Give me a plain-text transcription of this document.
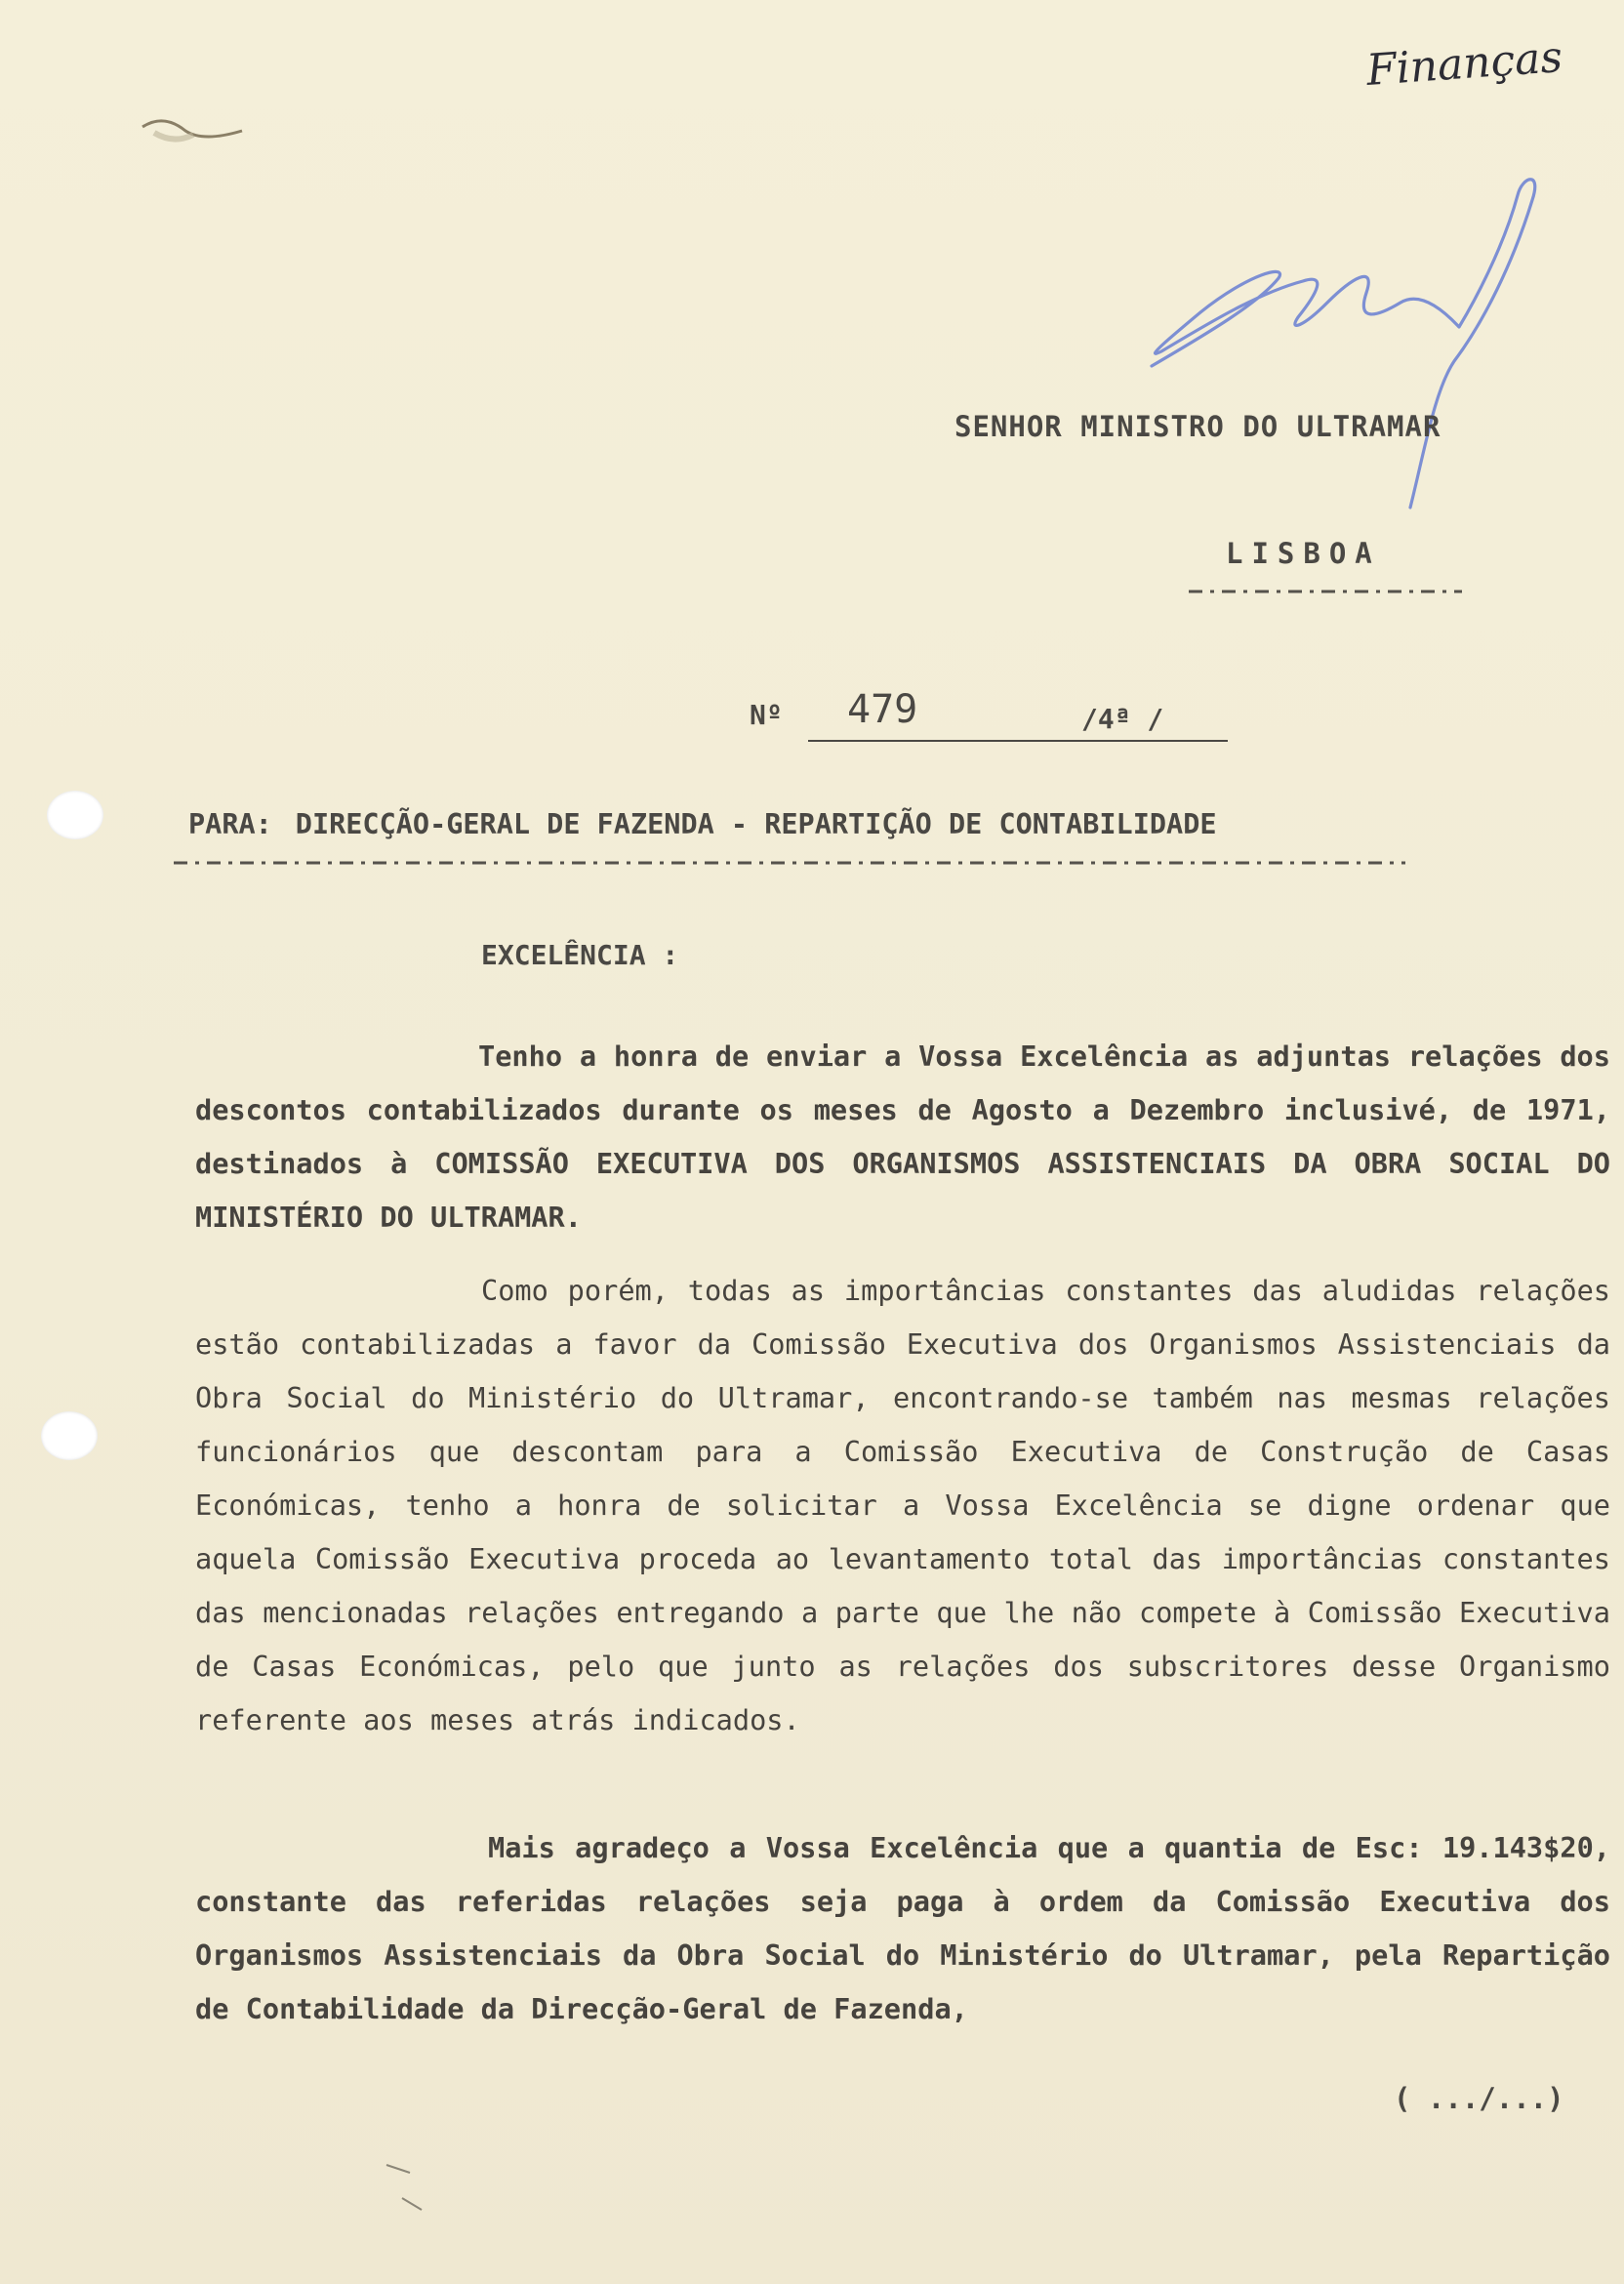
Finanças
SENHOR MINISTRO DO ULTRAMAR
LISBOA
Nº 479	/4ª /
PARA: DIRECÇÃO-GERAL DE FAZENDA - REPARTIÇÃO DE CONTABILIDADE
EXCELÊNCIA :

Tenho a honra de enviar a Vossa Excelência as adjuntas relações dos descontos contabilizados durante os meses de Agosto a Dezembro inclusivé, de 1971, destinados à COMISSÃO EXECUTIVA DOS ORGANISMOS ASSISTENCIAIS DA OBRA SOCIAL DO MINISTÉRIO DO ULTRAMAR.

Como porém, todas as importâncias constantes das aludidas relações estão contabilizadas a favor da Comissão Executiva dos Organismos Assistenciais da Obra Social do Ministério do Ultramar, encontrando-se também nas mesmas relações funcionários que descontam para a Comissão Executiva de Construção de Casas Económicas, tenho a honra de solicitar a Vossa Excelência se digne ordenar que aquela Comissão Executiva proceda ao levantamento total das importâncias constantes das mencionadas relações entregando a parte que lhe não compete à Comissão Executiva de Casas Económicas, pelo que junto as relações dos subscritores desse Organismo referente aos meses atrás indicados.

Mais agradeço a Vossa Excelência que a quantia de Esc: 19.143$20, constante das referidas relações seja paga à ordem da Comissão Executiva dos Organismos Assistenciais da Obra Social do Ministério do Ultramar, pela Repartição de Contabilidade da Direcção-Geral de Fazenda,

( .../...)
